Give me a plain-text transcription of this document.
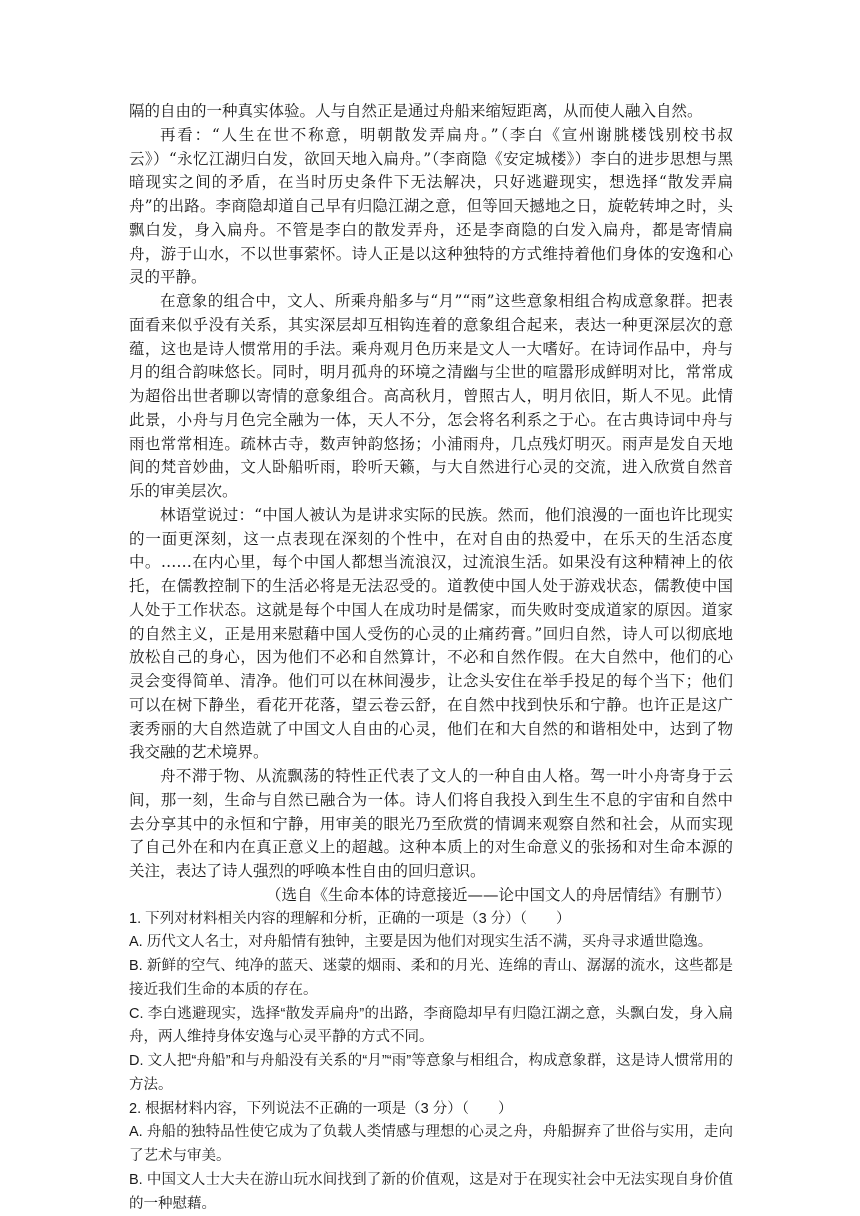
隔的自由的一种真实体验。人与自然正是通过舟船来缩短距离，从而使人融入自然。

再看：“人生在世不称意，明朝散发弄扁舟。”（李白《宣州谢朓楼饯别校书叔云》）“永忆江湖归白发，欲回天地入扁舟。”（李商隐《安定城楼》）李白的进步思想与黑暗现实之间的矛盾，在当时历史条件下无法解决，只好逃避现实，想选择“散发弄扁舟”的出路。李商隐却道自己早有归隐江湖之意，但等回天撼地之日，旋乾转坤之时，头飘白发，身入扁舟。不管是李白的散发弄舟，还是李商隐的白发入扁舟，都是寄情扁舟，游于山水，不以世事萦怀。诗人正是以这种独特的方式维持着他们身体的安逸和心灵的平静。

在意象的组合中，文人、所乘舟船多与“月”“雨”这些意象相组合构成意象群。把表面看来似乎没有关系，其实深层却互相钩连着的意象组合起来，表达一种更深层次的意蕴，这也是诗人惯常用的手法。乘舟观月色历来是文人一大嗜好。在诗词作品中，舟与月的组合韵味悠长。同时，明月孤舟的环境之清幽与尘世的喧嚣形成鲜明对比，常常成为超俗出世者聊以寄情的意象组合。高高秋月，曾照古人，明月依旧，斯人不见。此情此景，小舟与月色完全融为一体，天人不分，怎会将名利系之于心。在古典诗词中舟与雨也常常相连。疏林古寺，数声钟韵悠扬；小浦雨舟，几点残灯明灭。雨声是发自天地间的梵音妙曲，文人卧船听雨，聆听天籁，与大自然进行心灵的交流，进入欣赏自然音乐的审美层次。

林语堂说过：“中国人被认为是讲求实际的民族。然而，他们浪漫的一面也许比现实的一面更深刻，这一点表现在深刻的个性中，在对自由的热爱中，在乐天的生活态度中。……在内心里，每个中国人都想当流浪汉，过流浪生活。如果没有这种精神上的依托，在儒教控制下的生活必将是无法忍受的。道教使中国人处于游戏状态，儒教使中国人处于工作状态。这就是每个中国人在成功时是儒家，而失败时变成道家的原因。道家的自然主义，正是用来慰藉中国人受伤的心灵的止痛药膏。”回归自然，诗人可以彻底地放松自己的身心，因为他们不必和自然算计，不必和自然作假。在大自然中，他们的心灵会变得简单、清净。他们可以在林间漫步，让念头安住在举手投足的每个当下；他们可以在树下静坐，看花开花落，望云卷云舒，在自然中找到快乐和宁静。也许正是这广袤秀丽的大自然造就了中国文人自由的心灵，他们在和大自然的和谐相处中，达到了物我交融的艺术境界。

舟不滞于物、从流飘荡的特性正代表了文人的一种自由人格。驾一叶小舟寄身于云间，那一刻，生命与自然已融合为一体。诗人们将自我投入到生生不息的宇宙和自然中去分享其中的永恒和宁静，用审美的眼光乃至欣赏的情调来观察自然和社会，从而实现了自己外在和内在真正意义上的超越。这种本质上的对生命意义的张扬和对生命本源的关注，表达了诗人强烈的呼唤本性自由的回归意识。

（选自《生命本体的诗意接近——论中国文人的舟居情结》有删节）

1. 下列对材料相关内容的理解和分析，正确的一项是（3 分）（　　）

A. 历代文人名士，对舟船情有独钟，主要是因为他们对现实生活不满，买舟寻求遁世隐逸。

B. 新鲜的空气、纯净的蓝天、迷蒙的烟雨、柔和的月光、连绵的青山、潺潺的流水，这些都是接近我们生命的本质的存在。

C. 李白逃避现实，选择“散发弄扁舟”的出路，李商隐却早有归隐江湖之意，头飘白发，身入扁舟，两人维持身体安逸与心灵平静的方式不同。

D. 文人把“舟船”和与舟船没有关系的“月”“雨”等意象与相组合，构成意象群，这是诗人惯常用的方法。

2. 根据材料内容，下列说法不正确的一项是（3 分）（　　）

A. 舟船的独特品性使它成为了负载人类情感与理想的心灵之舟，舟船摒弃了世俗与实用，走向了艺术与审美。

B. 中国文人士大夫在游山玩水间找到了新的价值观，这是对于在现实社会中无法实现自身价值的一种慰藉。
